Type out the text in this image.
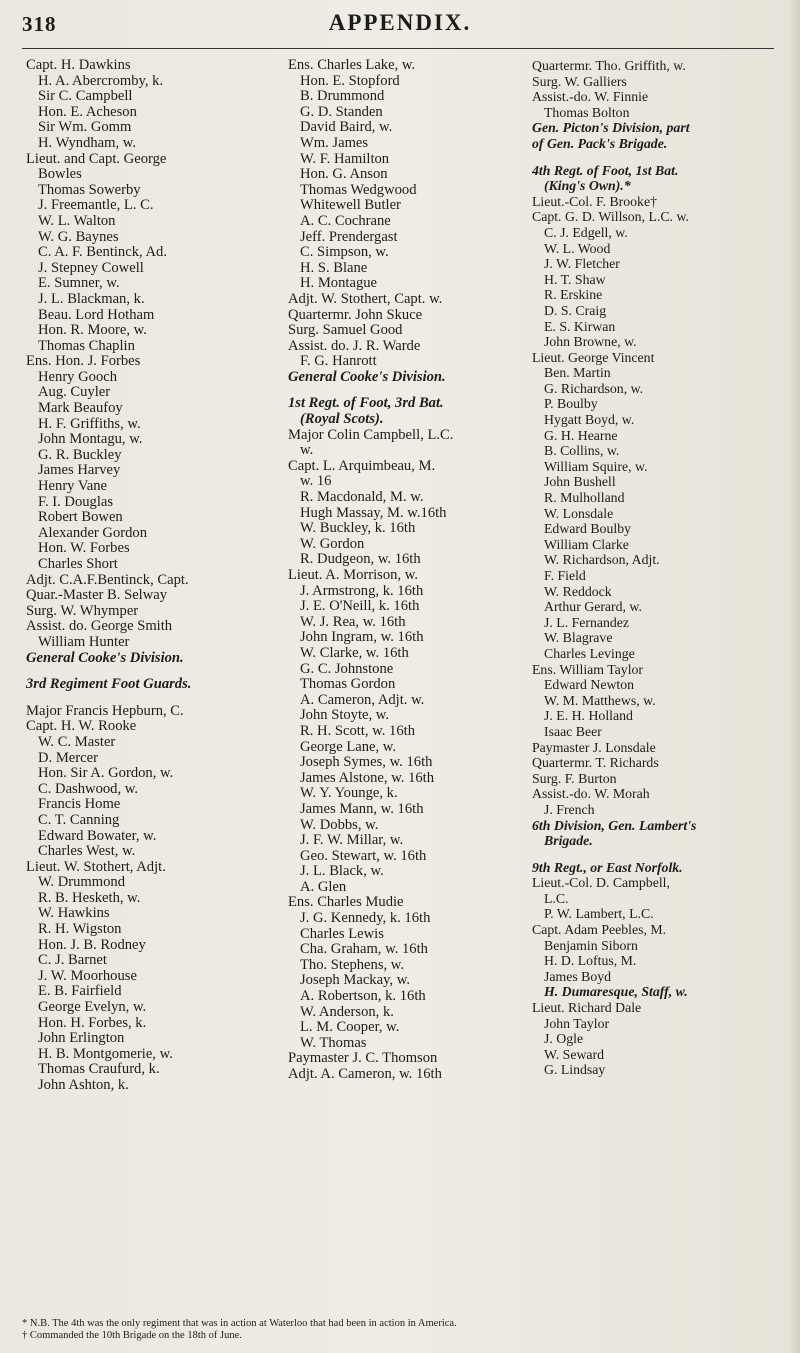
318	APPENDIX.
Capt. H. Dawkins
H. A. Abercromby, k.
Sir C. Campbell
Hon. E. Acheson
Sir Wm. Gomm
H. Wyndham, w.
Lieut. and Capt. George
Bowles
Thomas Sowerby
J. Freemantle, L. C.
W. L. Walton
W. G. Baynes
C. A. F. Bentinck, Ad.
J. Stepney Cowell
E. Sumner, w.
J. L. Blackman, k.
Beau. Lord Hotham
Hon. R. Moore, w.
Thomas Chaplin
Ens. Hon. J. Forbes
Henry Gooch
Aug. Cuyler
Mark Beaufoy
H. F. Griffiths, w.
John Montagu, w.
G. R. Buckley
James Harvey
Henry Vane
F. I. Douglas
Robert Bowen
Alexander Gordon
Hon. W. Forbes
Charles Short
Adjt. C.A.F.Bentinck, Capt.
Quar.-Master B. Selway
Surg. W. Whymper
Assist. do. George Smith
William Hunter
General Cooke's Division.
3rd Regiment Foot Guards.
Major Francis Hepburn, C.
Capt. H. W. Rooke
W. C. Master
D. Mercer
Hon. Sir A. Gordon, w.
C. Dashwood, w.
Francis Home
C. T. Canning
Edward Bowater, w.
Charles West, w.
Lieut. W. Stothert, Adjt.
W. Drummond
R. B. Hesketh, w.
W. Hawkins
R. H. Wigston
Hon. J. B. Rodney
C. J. Barnet
J. W. Moorhouse
E. B. Fairfield
George Evelyn, w.
Hon. H. Forbes, k.
John Erlington
H. B. Montgomerie, w.
Thomas Craufurd, k.
John Ashton, k.
Ens. Charles Lake, w.
Hon. E. Stopford
B. Drummond
G. D. Standen
David Baird, w.
Wm. James
W. F. Hamilton
Hon. G. Anson
Thomas Wedgwood
Whitewell Butler
A. C. Cochrane
Jeff. Prendergast
C. Simpson, w.
H. S. Blane
H. Montague
Adjt. W. Stothert, Capt. w.
Quartermr. John Skuce
Surg. Samuel Good
Assist. do. J. R. Warde
F. G. Hanrott
General Cooke's Division.
1st Regt. of Foot, 3rd Bat.
(Royal Scots).
Major Colin Campbell, L.C.
w.
Capt. L. Arquimbeau, M.
w. 16
R. Macdonald, M. w.
Hugh Massay, M. w.16th
W. Buckley, k. 16th
W. Gordon
R. Dudgeon, w. 16th
Lieut. A. Morrison, w.
J. Armstrong, k. 16th
J. E. O'Neill, k. 16th
W. J. Rea, w. 16th
John Ingram, w. 16th
W. Clarke, w. 16th
G. C. Johnstone
Thomas Gordon
A. Cameron, Adjt. w.
John Stoyte, w.
R. H. Scott, w. 16th
George Lane, w.
Joseph Symes, w. 16th
James Alstone, w. 16th
W. Y. Younge, k.
James Mann, w. 16th
W. Dobbs, w.
J. F. W. Millar, w.
Geo. Stewart, w. 16th
J. L. Black, w.
A. Glen
Ens. Charles Mudie
J. G. Kennedy, k. 16th
Charles Lewis
Cha. Graham, w. 16th
Tho. Stephens, w.
Joseph Mackay, w.
A. Robertson, k. 16th
W. Anderson, k.
L. M. Cooper, w.
W. Thomas
Paymaster J. C. Thomson
Adjt. A. Cameron, w. 16th
Quartermr. Tho. Griffith, w.
Surg. W. Galliers
Assist.-do. W. Finnie
Thomas Bolton
Gen. Picton's Division, part
of Gen. Pack's Brigade.
4th Regt. of Foot, 1st Bat.
(King's Own).*
Lieut.-Col. F. Brooke†
Capt. G. D. Willson, L.C. w.
C. J. Edgell, w.
W. L. Wood
J. W. Fletcher
H. T. Shaw
R. Erskine
D. S. Craig
E. S. Kirwan
John Browne, w.
Lieut. George Vincent
Ben. Martin
G. Richardson, w.
P. Boulby
Hygatt Boyd, w.
G. H. Hearne
B. Collins, w.
William Squire, w.
John Bushell
R. Mulholland
W. Lonsdale
Edward Boulby
William Clarke
W. Richardson, Adjt.
F. Field
W. Reddock
Arthur Gerard, w.
J. L. Fernandez
W. Blagrave
Charles Levinge
Ens. William Taylor
Edward Newton
W. M. Matthews, w.
J. E. H. Holland
Isaac Beer
Paymaster J. Lonsdale
Quartermr. T. Richards
Surg. F. Burton
Assist.-do. W. Morah
J. French
6th Division, Gen. Lambert's
Brigade.
9th Regt., or East Norfolk.
Lieut.-Col. D. Campbell,
L.C.
P. W. Lambert, L.C.
Capt. Adam Peebles, M.
Benjamin Siborn
H. D. Loftus, M.
James Boyd
H. Dumaresque, Staff, w.
Lieut. Richard Dale
John Taylor
J. Ogle
W. Seward
G. Lindsay
* N.B. The 4th was the only regiment that was in action at Waterloo that had been in action in America.
† Commanded the 10th Brigade on the 18th of June.
